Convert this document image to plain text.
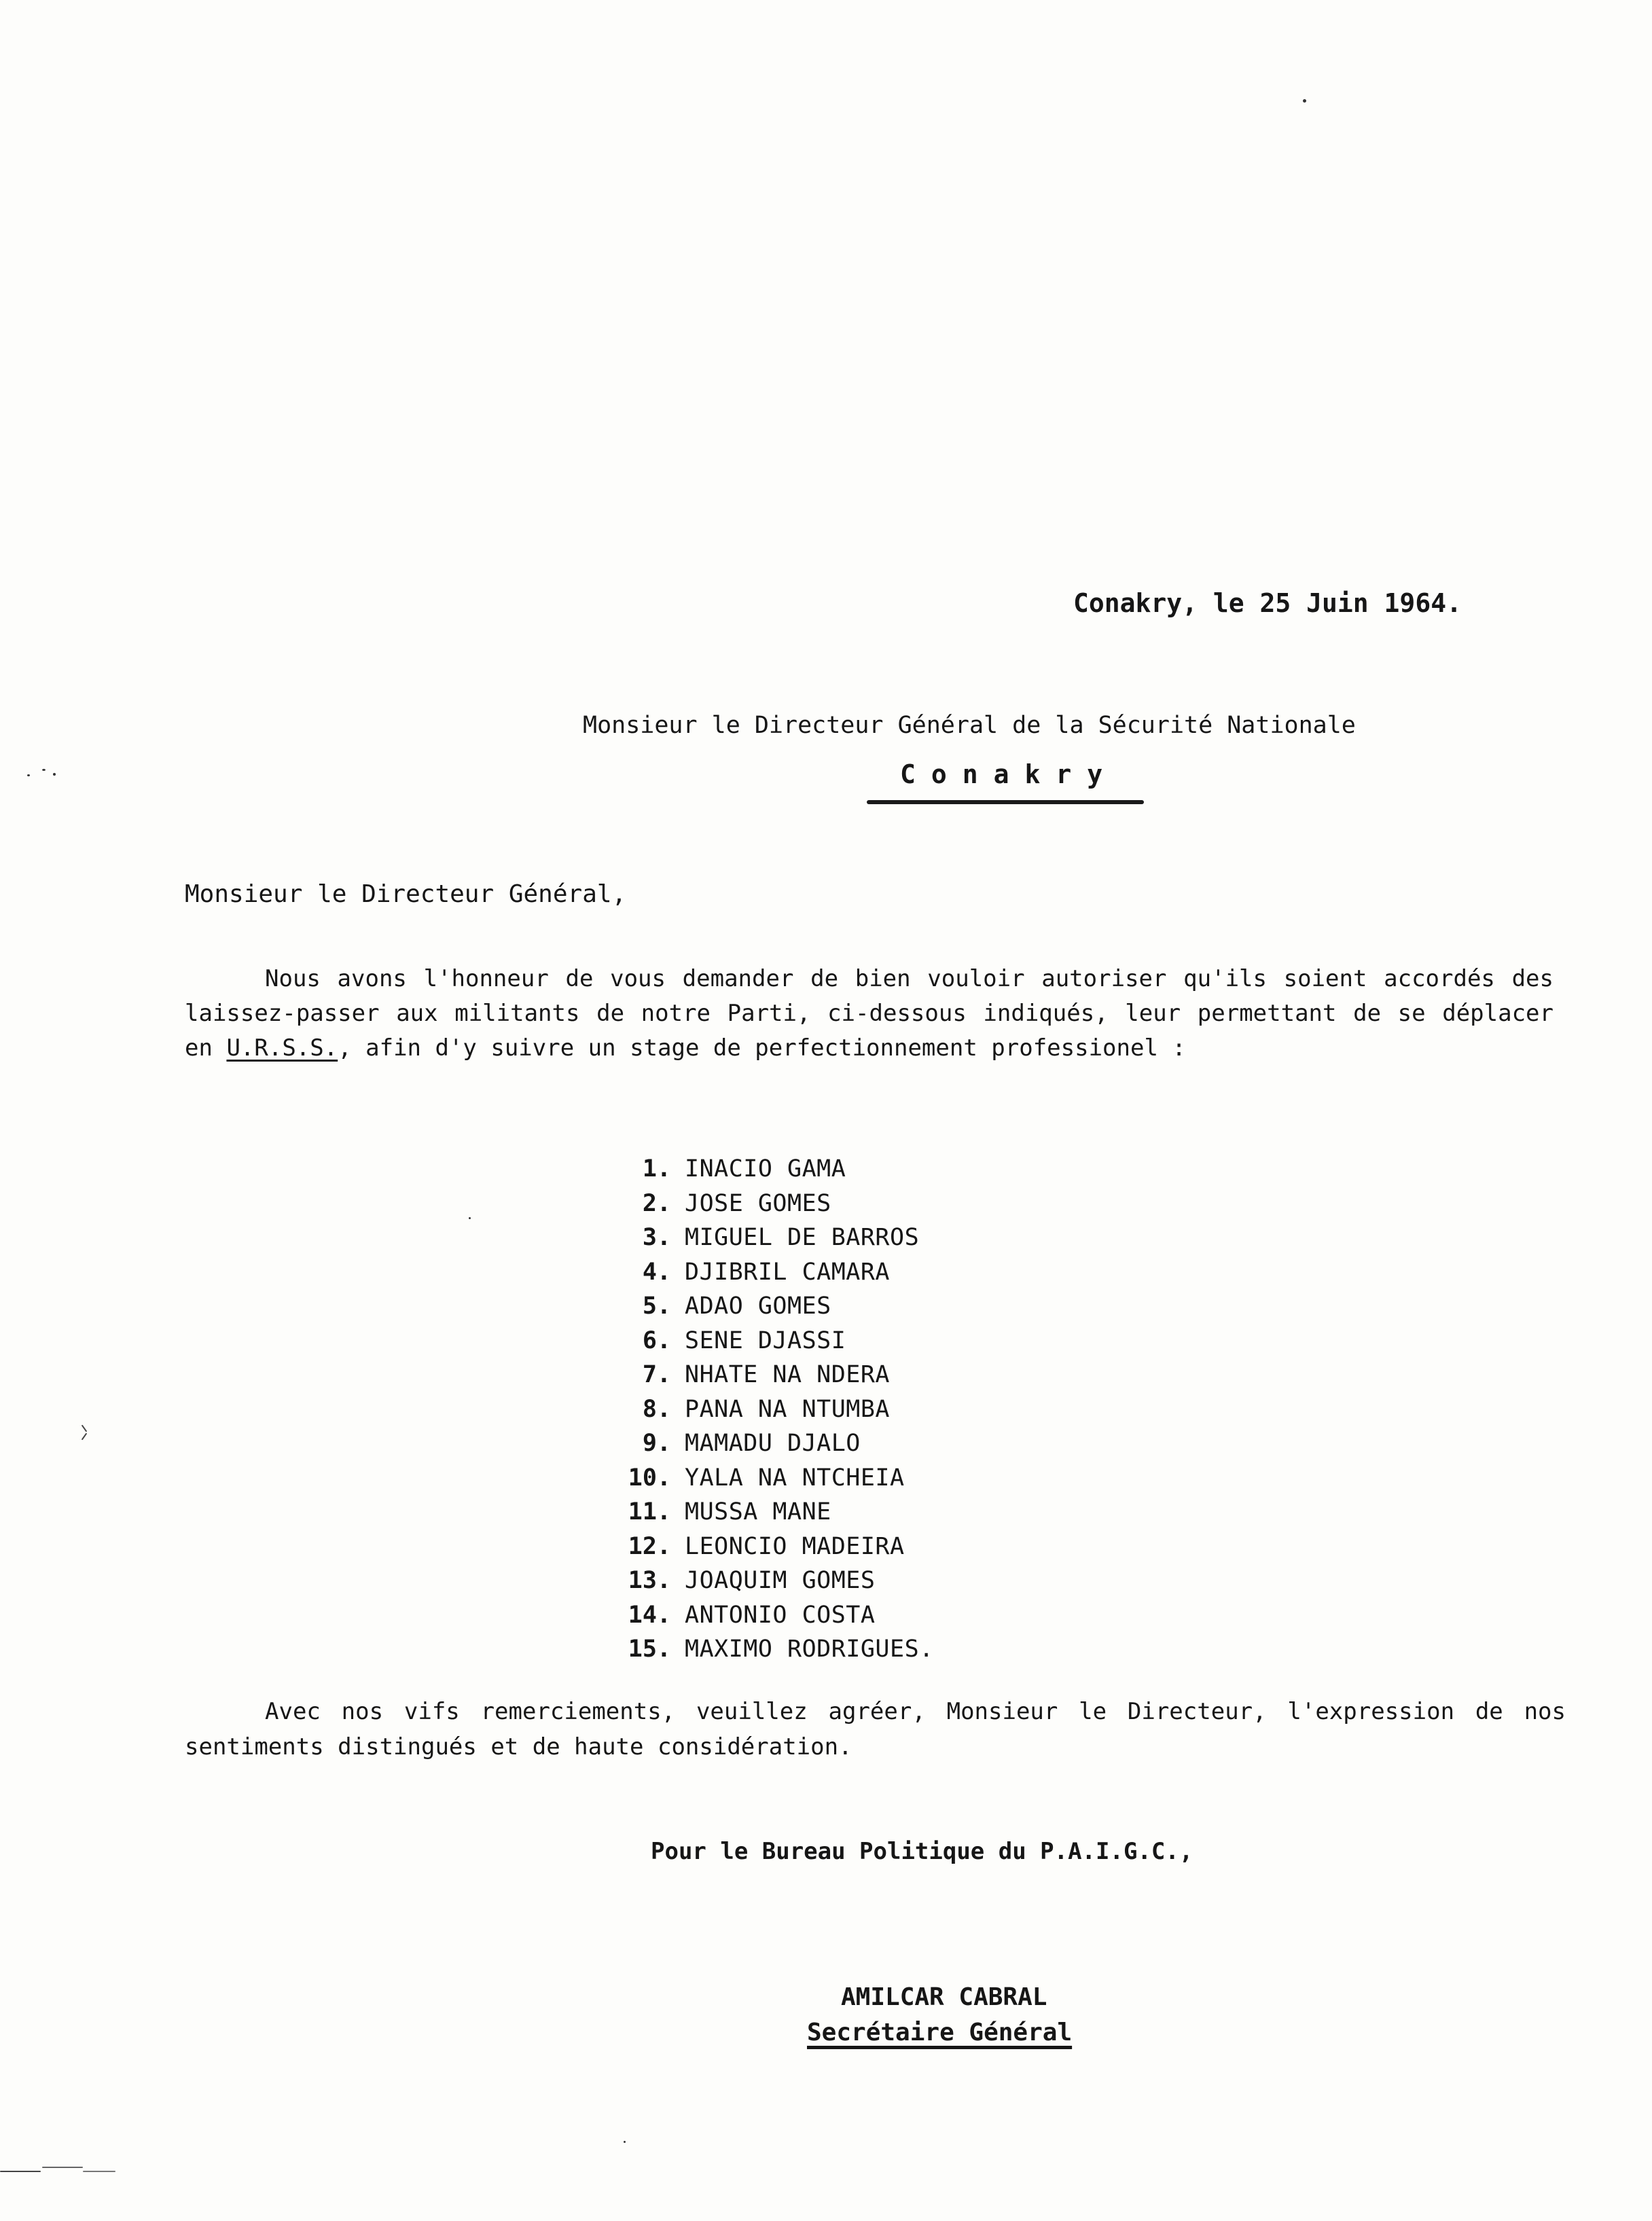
Conakry, le 25 Juin 1964.
Monsieur le Directeur Général de la Sécurité Nationale
Conakry
Monsieur le Directeur Général,
Nous avons l'honneur de vous demander de bien vouloir autoriser qu'ils soient accordés des laissez-passer aux militants de notre Parti, ci-dessous indiqués, leur permettant de se déplacer en U.R.S.S., afin d'y suivre un stage de perfectionnement professionel :
1. INACIO GAMA
2. JOSE GOMES
3. MIGUEL DE BARROS
4. DJIBRIL CAMARA
5. ADAO GOMES
6. SENE DJASSI
7. NHATE NA NDERA
8. PANA NA NTUMBA
9. MAMADU DJALO
10. YALA NA NTCHEIA
11. MUSSA MANE
12. LEONCIO MADEIRA
13. JOAQUIM GOMES
14. ANTONIO COSTA
15. MAXIMO RODRIGUES.
Avec nos vifs remerciements, veuillez agréer, Monsieur le Directeur, l'expression de nos sentiments distingués et de haute considération.
Pour le Bureau Politique du P.A.I.G.C.,
AMILCAR CABRAL
Secrétaire Général
